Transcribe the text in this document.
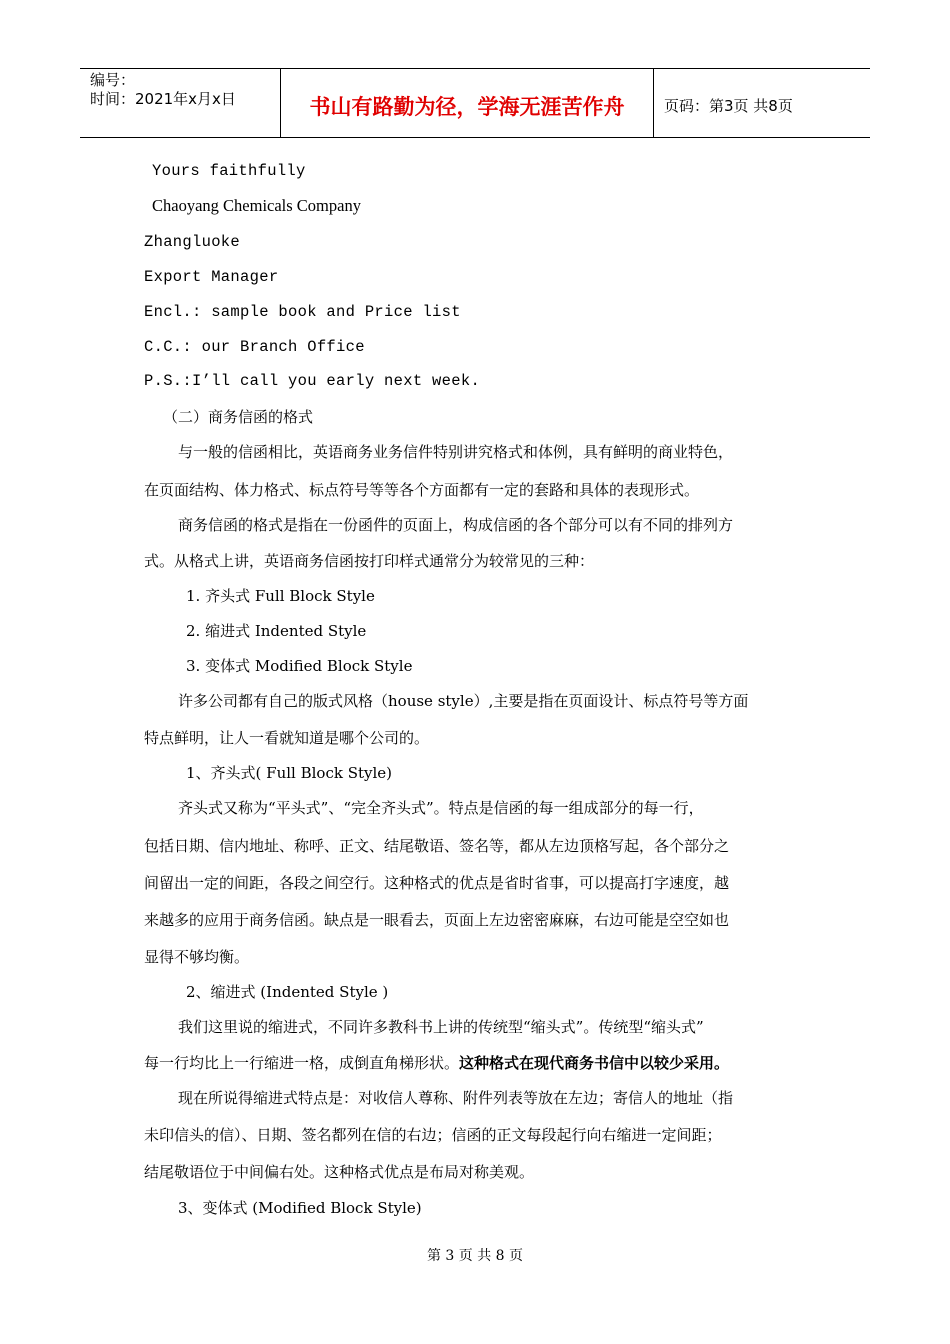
编号：
时间：2021年x月x日	书山有路勤为径，学海无涯苦作舟	页码：第3页 共8页
Yours faithfully
Chaoyang Chemicals Company
Zhangluoke
Export Manager
Encl.: sample book and Price list
C.C.: our Branch Office
P.S.:I’ll call you early next week.
（二）商务信函的格式
与一般的信函相比，英语商务业务信件特别讲究格式和体例，具有鲜明的商业特色，
在页面结构、体力格式、标点符号等等各个方面都有一定的套路和具体的表现形式。
商务信函的格式是指在一份函件的页面上，构成信函的各个部分可以有不同的排列方
式。从格式上讲，英语商务信函按打印样式通常分为较常见的三种：
1. 齐头式 Full Block Style
2. 缩进式 Indented Style
3. 变体式 Modified Block Style
许多公司都有自己的版式风格（house style）,主要是指在页面设计、标点符号等方面
特点鲜明，让人一看就知道是哪个公司的。
1、齐头式( Full Block Style)
齐头式又称为“平头式”、“完全齐头式”。特点是信函的每一组成部分的每一行，
包括日期、信内地址、称呼、正文、结尾敬语、签名等，都从左边顶格写起，各个部分之
间留出一定的间距，各段之间空行。这种格式的优点是省时省事，可以提高打字速度，越
来越多的应用于商务信函。缺点是一眼看去，页面上左边密密麻麻，右边可能是空空如也
显得不够均衡。
2、缩进式 (Indented Style )
我们这里说的缩进式，不同许多教科书上讲的传统型“缩头式”。传统型“缩头式”
每一行均比上一行缩进一格，成倒直角梯形状。这种格式在现代商务书信中以较少采用。
现在所说得缩进式特点是：对收信人尊称、附件列表等放在左边；寄信人的地址（指
未印信头的信）、日期、签名都列在信的右边；信函的正文每段起行向右缩进一定间距；
结尾敬语位于中间偏右处。这种格式优点是布局对称美观。
3、变体式 (Modified Block Style)
第 3 页 共 8 页
